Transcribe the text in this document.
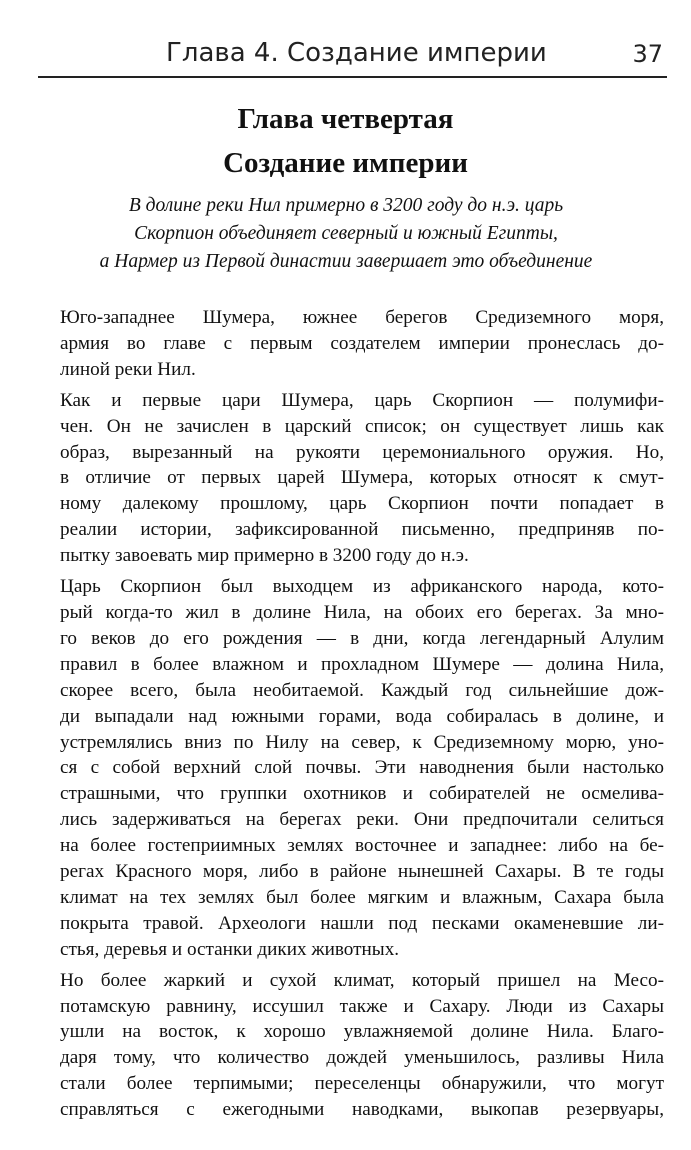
Глава 4. Создание империи	37
Глава четвертая
Создание империи
В долине реки Нил примерно в 3200 году до н.э. царь
Скорпион объединяет северный и южный Египты,
а Нармер из Первой династии завершает это объединение

Юго-западнее Шумера, южнее берегов Средиземного моря,
армия во главе с первым создателем империи пронеслась до-
линой реки Нил.

Как и первые цари Шумера, царь Скорпион — полумифи-
чен. Он не зачислен в царский список; он существует лишь как
образ, вырезанный на рукояти церемониального оружия. Но,
в отличие от первых царей Шумера, которых относят к смут-
ному далекому прошлому, царь Скорпион почти попадает в
реалии истории, зафиксированной письменно, предприняв по-
пытку завоевать мир примерно в 3200 году до н.э.

Царь Скорпион был выходцем из африканского народа, кото-
рый когда-то жил в долине Нила, на обоих его берегах. За мно-
го веков до его рождения — в дни, когда легендарный Алулим
правил в более влажном и прохладном Шумере — долина Нила,
скорее всего, была необитаемой. Каждый год сильнейшие дож-
ди выпадали над южными горами, вода собиралась в долине, и
устремлялись вниз по Нилу на север, к Средиземному морю, уно-
ся с собой верхний слой почвы. Эти наводнения были настолько
страшными, что группки охотников и собирателей не осмелива-
лись задерживаться на берегах реки. Они предпочитали селиться
на более гостеприимных землях восточнее и западнее: либо на бе-
регах Красного моря, либо в районе нынешней Сахары. В те годы
климат на тех землях был более мягким и влажным, Сахара была
покрыта травой. Археологи нашли под песками окаменевшие ли-
стья, деревья и останки диких животных.

Но более жаркий и сухой климат, который пришел на Месо-
потамскую равнину, иссушил также и Сахару. Люди из Сахары
ушли на восток, к хорошо увлажняемой долине Нила. Благо-
даря тому, что количество дождей уменьшилось, разливы Нила
стали более терпимыми; переселенцы обнаружили, что могут
справляться с ежегодными наводками, выкопав резервуары,
